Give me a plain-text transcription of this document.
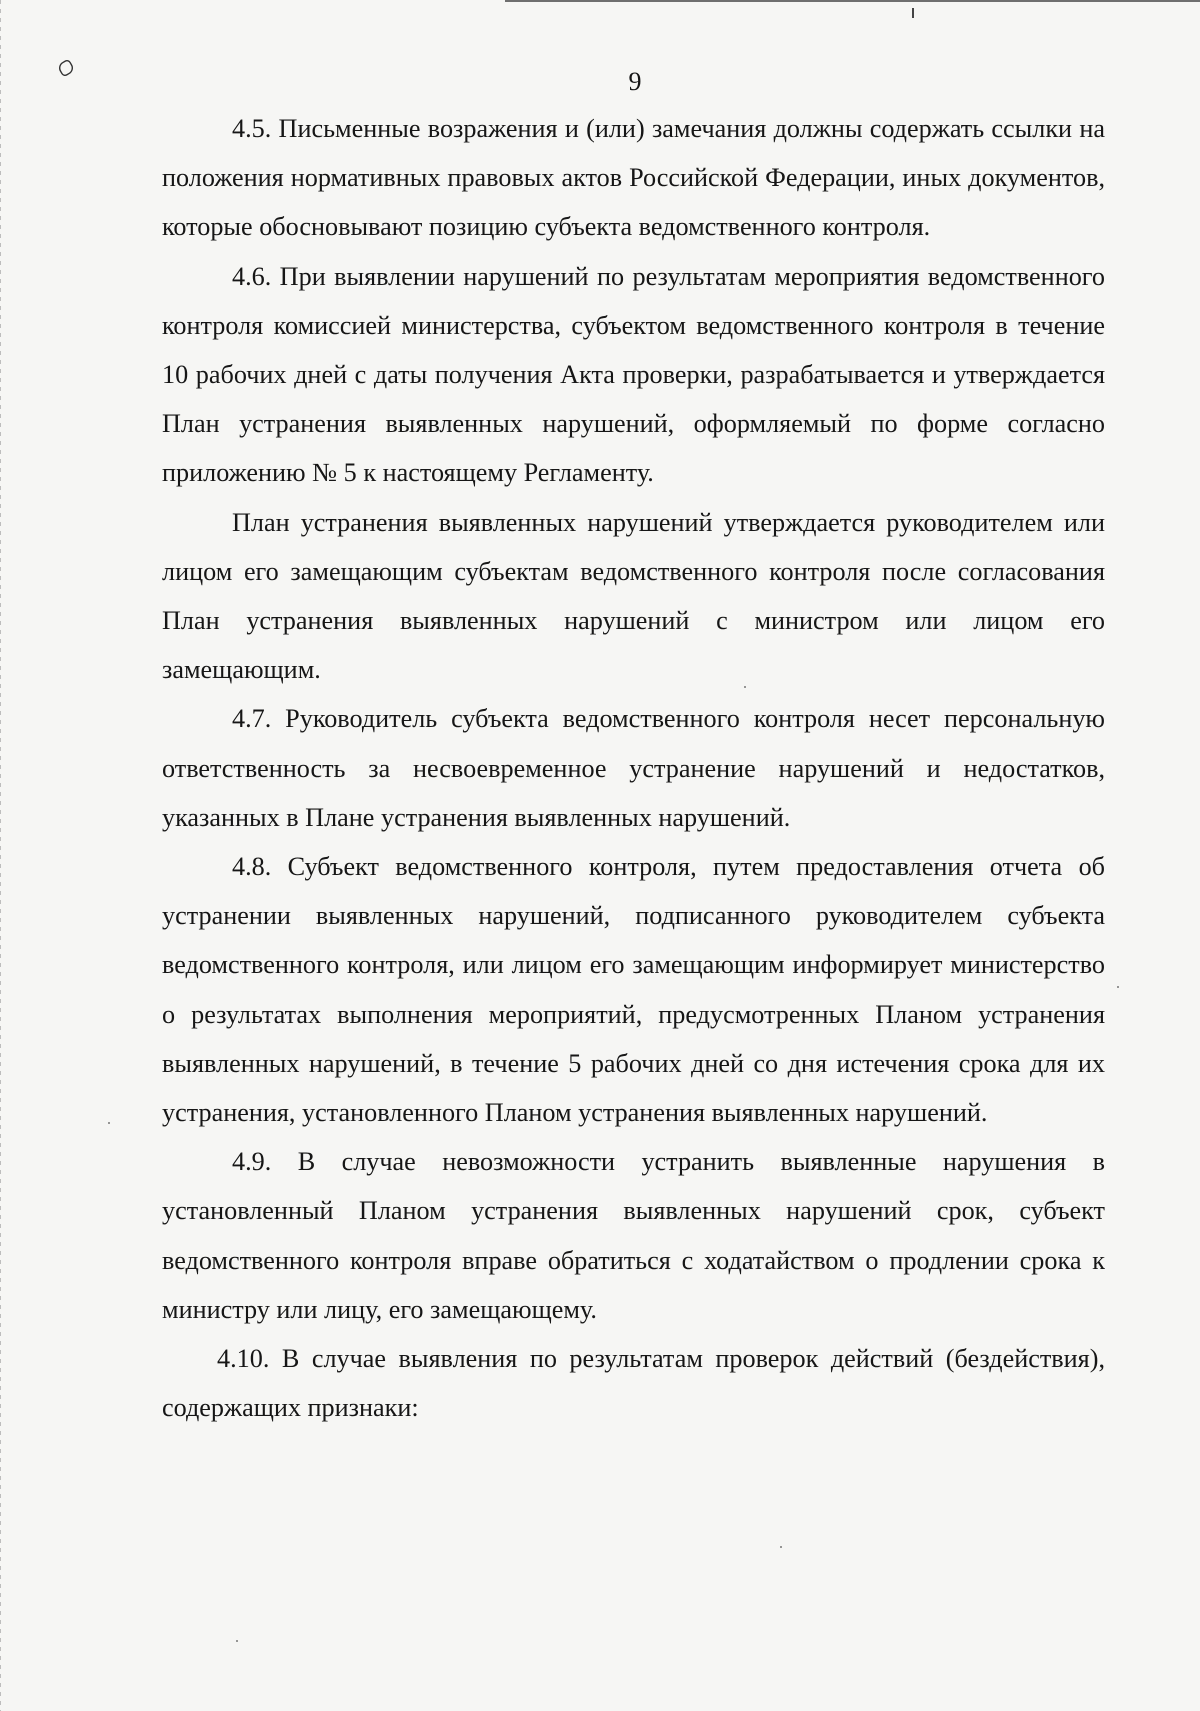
9

4.5. Письменные возражения и (или) замечания должны содержать ссылки на положения нормативных правовых актов Российской Федерации, иных документов, которые обосновывают позицию субъекта ведомственного контроля.

4.6. При выявлении нарушений по результатам мероприятия ведомственного контроля комиссией министерства, субъектом ведомственного контроля в течение 10 рабочих дней с даты получения Акта проверки, разрабатывается и утверждается План устранения выявленных нарушений, оформляемый по форме согласно приложению № 5 к настоящему Регламенту.

План устранения выявленных нарушений утверждается руководителем или лицом его замещающим субъектам ведомственного контроля после согласования План устранения выявленных нарушений с министром или лицом его замещающим.

4.7. Руководитель субъекта ведомственного контроля несет персональную ответственность за несвоевременное устранение нарушений и недостатков, указанных в Плане устранения выявленных нарушений.

4.8. Субъект ведомственного контроля, путем предоставления отчета об устранении выявленных нарушений, подписанного руководителем субъекта ведомственного контроля, или лицом его замещающим информирует министерство о результатах выполнения мероприятий, предусмотренных Планом устранения выявленных нарушений, в течение 5 рабочих дней со дня истечения срока для их устранения, установленного Планом устранения выявленных нарушений.

4.9. В случае невозможности устранить выявленные нарушения в установленный Планом устранения выявленных нарушений срок, субъект ведомственного контроля вправе обратиться с ходатайством о продлении срока к министру или лицу, его замещающему.

4.10. В случае выявления по результатам проверок действий (бездействия), содержащих признаки:
